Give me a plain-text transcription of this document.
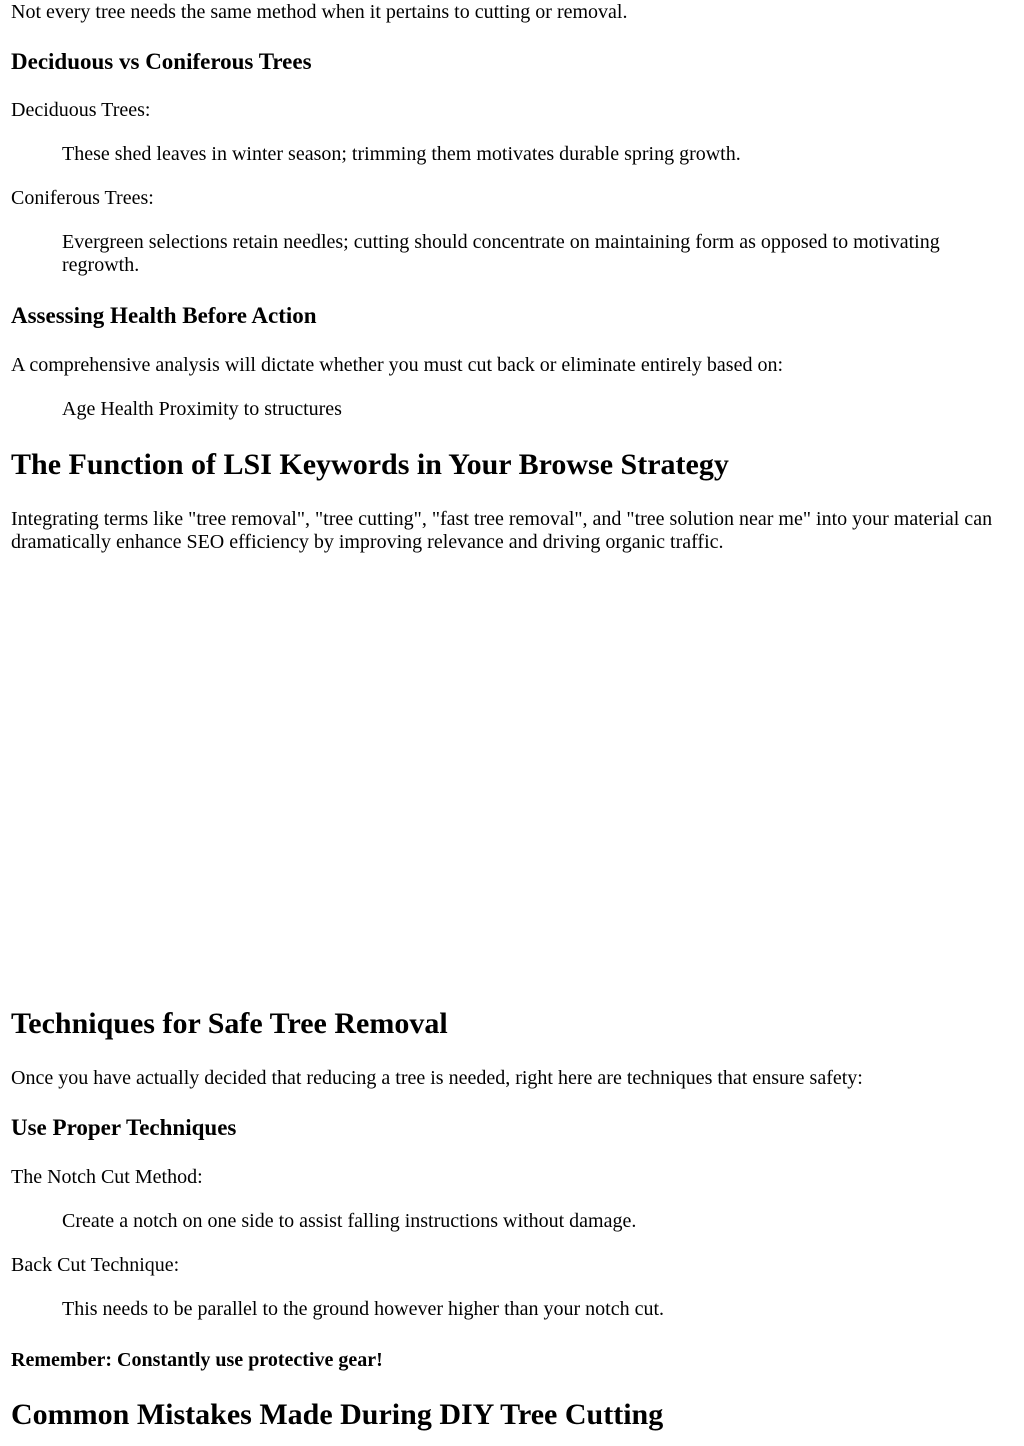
Not every tree needs the same method when it pertains to cutting or removal.

Deciduous vs Coniferous Trees

Deciduous Trees:

These shed leaves in winter season; trimming them motivates durable spring growth.

Coniferous Trees:

Evergreen selections retain needles; cutting should concentrate on maintaining form as opposed to motivating regrowth.

Assessing Health Before Action

A comprehensive analysis will dictate whether you must cut back or eliminate entirely based on:

Age Health Proximity to structures

The Function of LSI Keywords in Your Browse Strategy

Integrating terms like "tree removal", "tree cutting", "fast tree removal", and "tree solution near me" into your material can dramatically enhance SEO efficiency by improving relevance and driving organic traffic.

Techniques for Safe Tree Removal

Once you have actually decided that reducing a tree is needed, right here are techniques that ensure safety:

Use Proper Techniques

The Notch Cut Method:

Create a notch on one side to assist falling instructions without damage.

Back Cut Technique:

This needs to be parallel to the ground however higher than your notch cut.

Remember: Constantly use protective gear!

Common Mistakes Made During DIY Tree Cutting
